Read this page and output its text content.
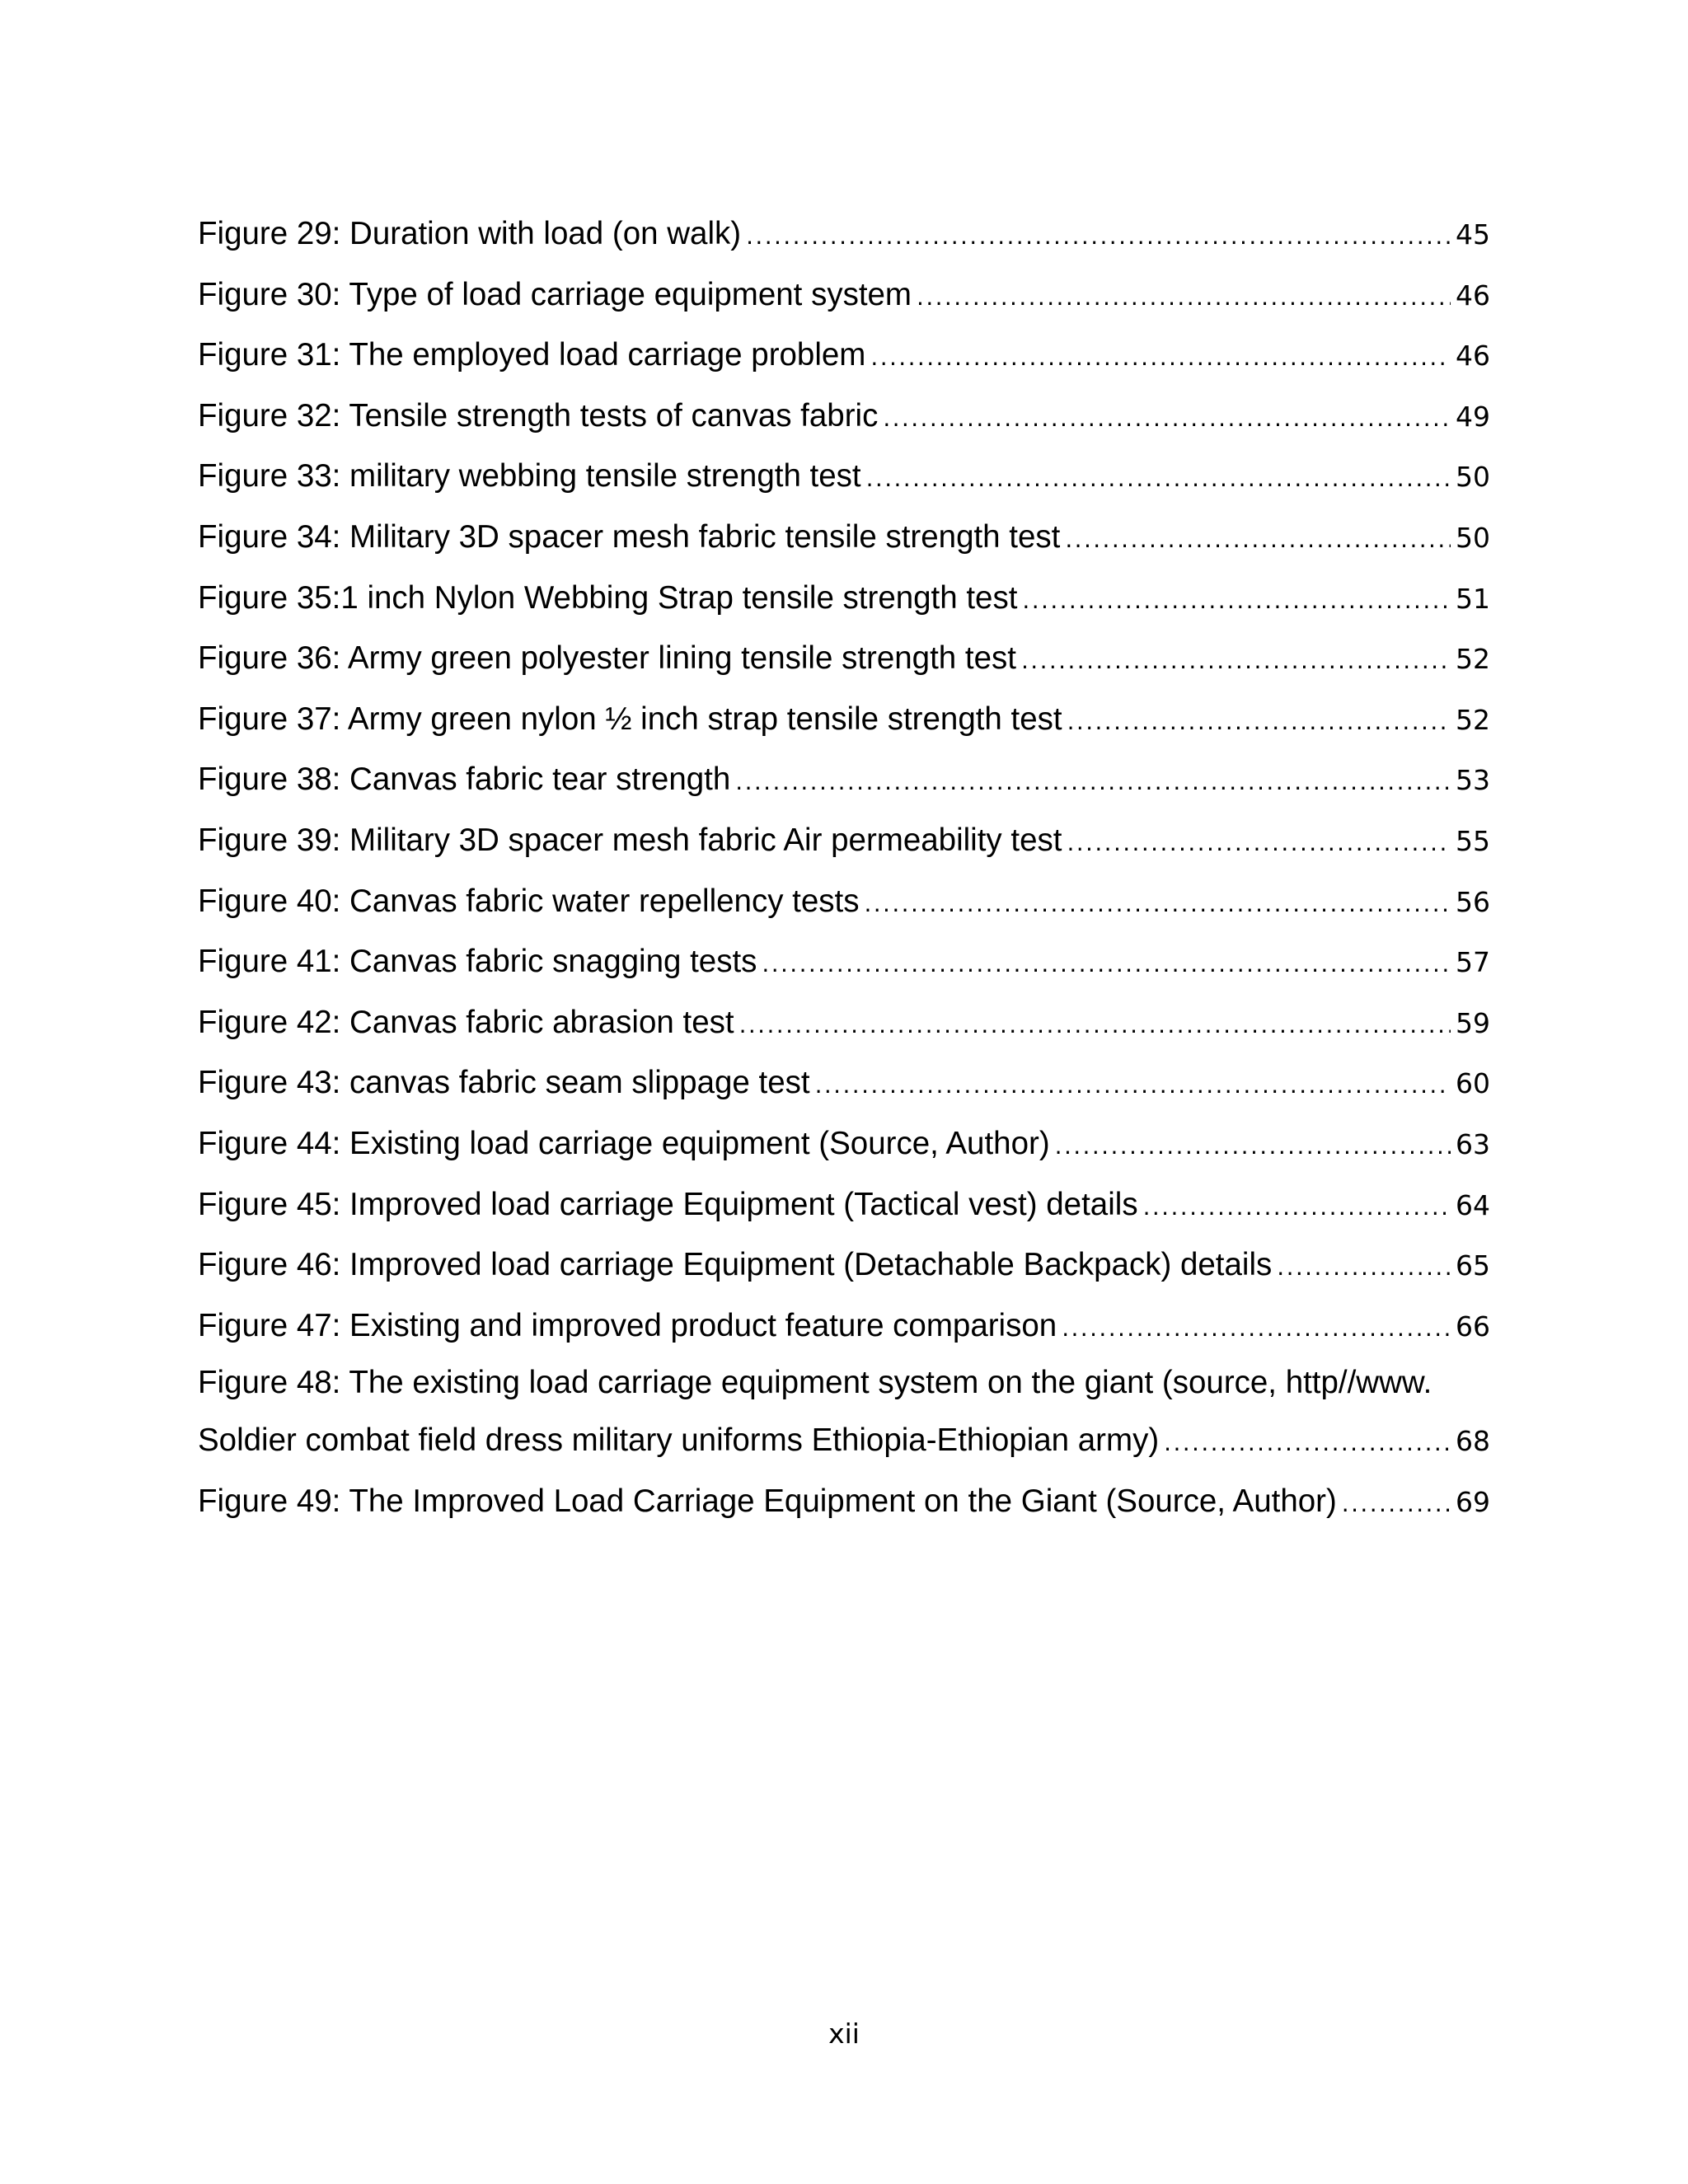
Figure 29: Duration with load (on walk) .....	45
Figure 30: Type of load carriage equipment system .....	46
Figure 31: The employed load carriage problem .....	46
Figure 32: Tensile strength tests of canvas fabric .....	49
Figure 33: military webbing tensile strength test .....	50
Figure 34: Military 3D spacer mesh fabric tensile strength test .....	50
Figure 35:1 inch Nylon Webbing Strap tensile strength test .....	51
Figure 36: Army green polyester lining tensile strength test .....	52
Figure 37: Army green nylon ½ inch strap tensile strength test .....	52
Figure 38: Canvas fabric tear strength .....	53
Figure 39: Military 3D spacer mesh fabric Air permeability test .....	55
Figure 40: Canvas fabric water repellency tests .....	56
Figure 41: Canvas fabric snagging tests .....	57
Figure 42: Canvas fabric abrasion test .....	59
Figure 43: canvas fabric seam slippage test .....	60
Figure 44: Existing load carriage equipment (Source, Author) .....	63
Figure 45: Improved load carriage Equipment (Tactical vest) details .....	64
Figure 46: Improved load carriage Equipment (Detachable Backpack) details .....	65
Figure 47: Existing and improved product feature comparison .....	66
Figure 48: The existing load carriage equipment system on the giant (source, http//www.
Soldier combat field dress military uniforms Ethiopia-Ethiopian army) .....	68
Figure 49: The Improved Load Carriage Equipment on the Giant (Source, Author) .....	69
xii
